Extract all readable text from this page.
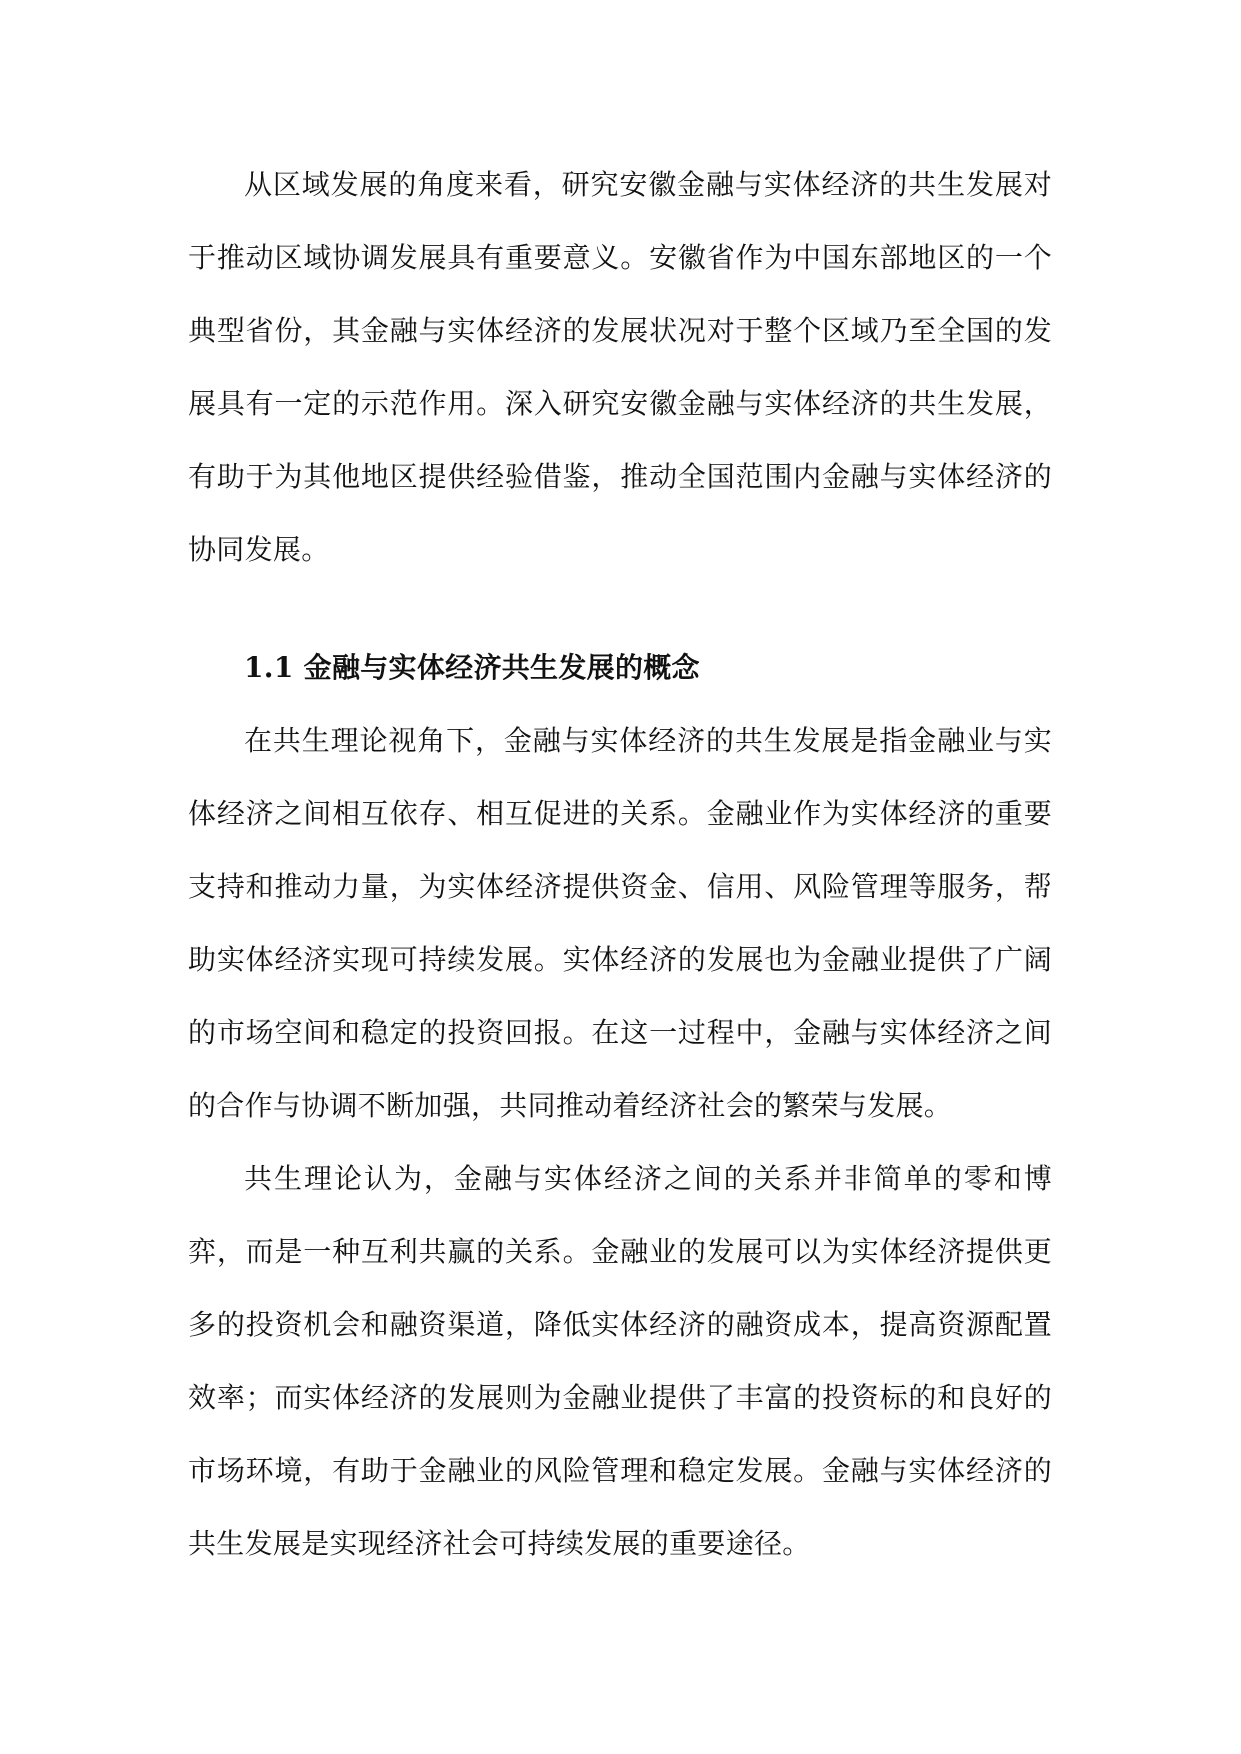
从区域发展的角度来看，研究安徽金融与实体经济的共生发展对于推动区域协调发展具有重要意义。安徽省作为中国东部地区的一个典型省份，其金融与实体经济的发展状况对于整个区域乃至全国的发展具有一定的示范作用。深入研究安徽金融与实体经济的共生发展，有助于为其他地区提供经验借鉴，推动全国范围内金融与实体经济的协同发展。

1.1 金融与实体经济共生发展的概念

在共生理论视角下，金融与实体经济的共生发展是指金融业与实体经济之间相互依存、相互促进的关系。金融业作为实体经济的重要支持和推动力量，为实体经济提供资金、信用、风险管理等服务，帮助实体经济实现可持续发展。实体经济的发展也为金融业提供了广阔的市场空间和稳定的投资回报。在这一过程中，金融与实体经济之间的合作与协调不断加强，共同推动着经济社会的繁荣与发展。

共生理论认为，金融与实体经济之间的关系并非简单的零和博弈，而是一种互利共赢的关系。金融业的发展可以为实体经济提供更多的投资机会和融资渠道，降低实体经济的融资成本，提高资源配置效率；而实体经济的发展则为金融业提供了丰富的投资标的和良好的市场环境，有助于金融业的风险管理和稳定发展。金融与实体经济的共生发展是实现经济社会可持续发展的重要途径。
